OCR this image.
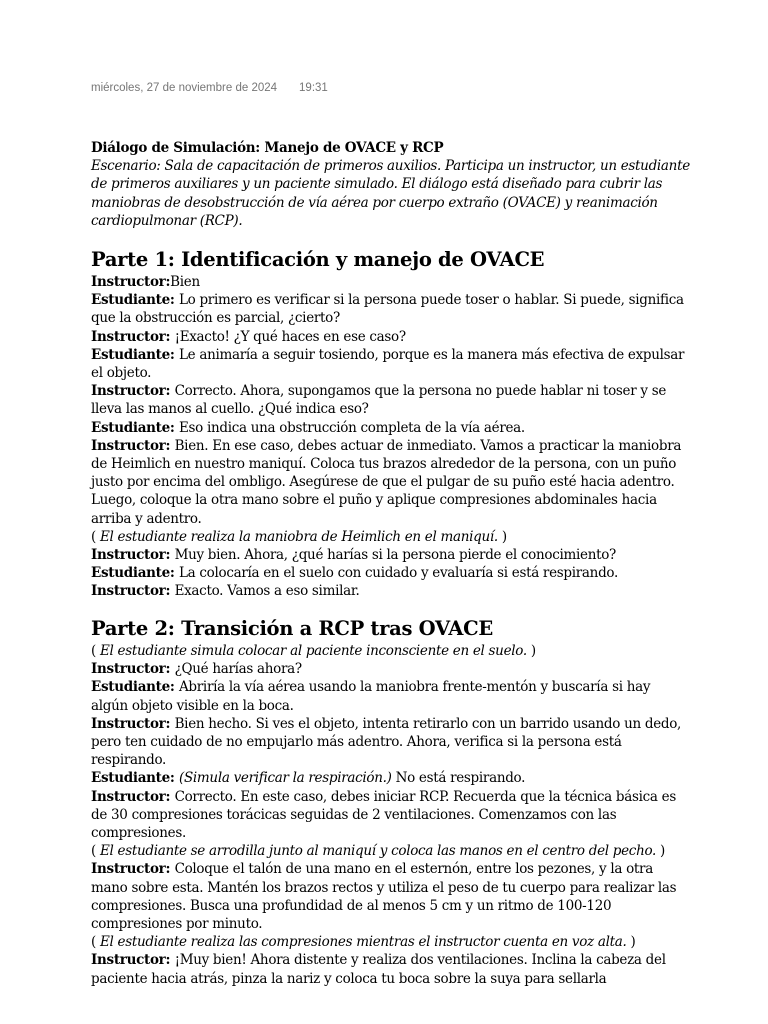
miércoles, 27 de noviembre de 2024 19:31
Diálogo de Simulación: Manejo de OVACE y RCP
Escenario: Sala de capacitación de primeros auxilios. Participa un instructor, un estudiante de primeros auxiliares y un paciente simulado. El diálogo está diseñado para cubrir las maniobras de desobstrucción de vía aérea por cuerpo extraño (OVACE) y reanimación cardiopulmonar (RCP).
Parte 1: Identificación y manejo de OVACE

Instructor:Bien

Estudiante: Lo primero es verificar si la persona puede toser o hablar. Si puede, significa que la obstrucción es parcial, ¿cierto?

Instructor: ¡Exacto! ¿Y qué haces en ese caso?

Estudiante: Le animaría a seguir tosiendo, porque es la manera más efectiva de expulsar el objeto.

Instructor: Correcto. Ahora, supongamos que la persona no puede hablar ni toser y se lleva las manos al cuello. ¿Qué indica eso?

Estudiante: Eso indica una obstrucción completa de la vía aérea.

Instructor: Bien. En ese caso, debes actuar de inmediato. Vamos a practicar la maniobra de Heimlich en nuestro maniquí. Coloca tus brazos alrededor de la persona, con un puño justo por encima del ombligo. Asegúrese de que el pulgar de su puño esté hacia adentro. Luego, coloque la otra mano sobre el puño y aplique compresiones abdominales hacia arriba y adentro.

( El estudiante realiza la maniobra de Heimlich en el maniquí. )

Instructor: Muy bien. Ahora, ¿qué harías si la persona pierde el conocimiento?

Estudiante: La colocaría en el suelo con cuidado y evaluaría si está respirando.

Instructor: Exacto. Vamos a eso similar.

Parte 2: Transición a RCP tras OVACE

( El estudiante simula colocar al paciente inconsciente en el suelo. )

Instructor: ¿Qué harías ahora?

Estudiante: Abriría la vía aérea usando la maniobra frente-mentón y buscaría si hay algún objeto visible en la boca.

Instructor: Bien hecho. Si ves el objeto, intenta retirarlo con un barrido usando un dedo, pero ten cuidado de no empujarlo más adentro. Ahora, verifica si la persona está respirando.

Estudiante: (Simula verificar la respiración.) No está respirando.

Instructor: Correcto. En este caso, debes iniciar RCP. Recuerda que la técnica básica es de 30 compresiones torácicas seguidas de 2 ventilaciones. Comenzamos con las compresiones.

( El estudiante se arrodilla junto al maniquí y coloca las manos en el centro del pecho. )

Instructor: Coloque el talón de una mano en el esternón, entre los pezones, y la otra mano sobre esta. Mantén los brazos rectos y utiliza el peso de tu cuerpo para realizar las compresiones. Busca una profundidad de al menos 5 cm y un ritmo de 100-120 compresiones por minuto.

( El estudiante realiza las compresiones mientras el instructor cuenta en voz alta. )

Instructor: ¡Muy bien! Ahora distente y realiza dos ventilaciones. Inclina la cabeza del paciente hacia atrás, pinza la nariz y coloca tu boca sobre la suya para sellarla
